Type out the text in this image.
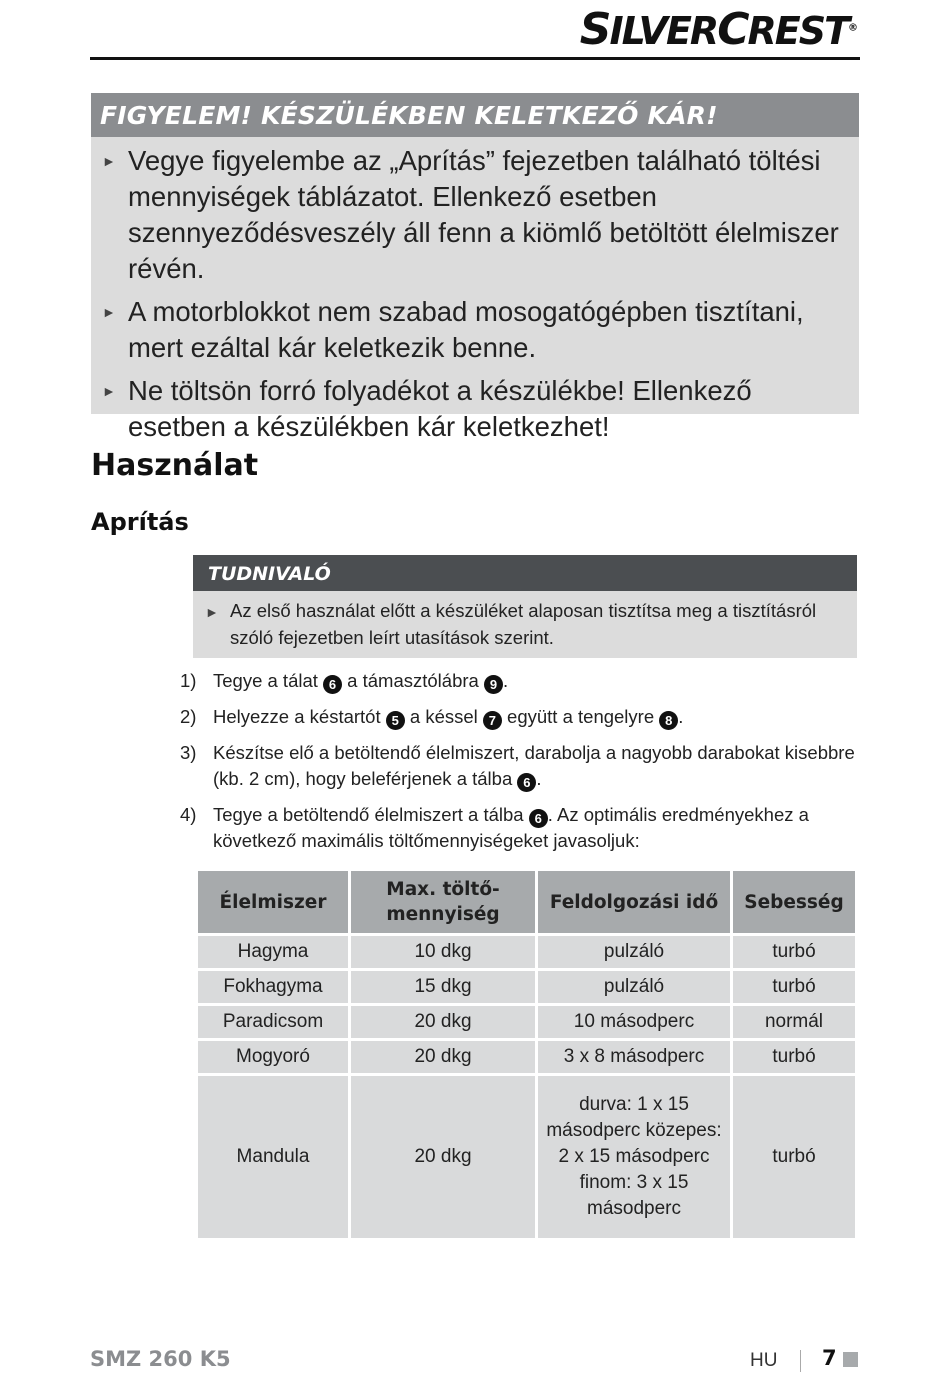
SILVERCREST®
FIGYELEM! KÉSZÜLÉKBEN KELETKEZŐ KÁR!
► Vegye figyelembe az „Aprítás” fejezetben található töltési mennyiségek táblázatot. Ellenkező esetben szennyeződésveszély áll fenn a kiömlő betöltött élelmiszer révén.
► A motorblokkot nem szabad mosogatógépben tisztítani, mert ezáltal kár keletkezik benne.
► Ne töltsön forró folyadékot a készülékbe! Ellenkező esetben a készülékben kár keletkezhet!
Használat
Aprítás
TUDNIVALÓ

► Az első használat előtt a készüléket alaposan tisztítsa meg a tisztításról szóló fejezetben leírt utasítások szerint.

1) Tegye a tálat 6 a támasztólábra 9 .
2) Helyezze a késtartót 5 a késsel 7 együtt a tengelyre 8 .
3) Készítse elő a betöltendő élelmiszert, darabolja a nagyobb darabokat kisebbre (kb. 2 cm), hogy beleférjenek a tálba 6 .
4) Tegye a betöltendő élelmiszert a tálba 6 . Az optimális eredményekhez a következő maximális töltőmennyiségeket javasoljuk:
Élelmiszer	Max. töltő-mennyiség	Feldolgozási idő	Sebesség
Hagyma	10 dkg	pulzáló	turbó
Fokhagyma	15 dkg	pulzáló	turbó
Paradicsom	20 dkg	10 másodperc	normál
Mogyoró	20 dkg	3 x 8 másodperc	turbó
Mandula	20 dkg	durva: 1 x 15 másodperc közepes: 2 x 15 másodperc finom: 3 x 15 másodperc	turbó
SMZ 260 K5	HU 7
